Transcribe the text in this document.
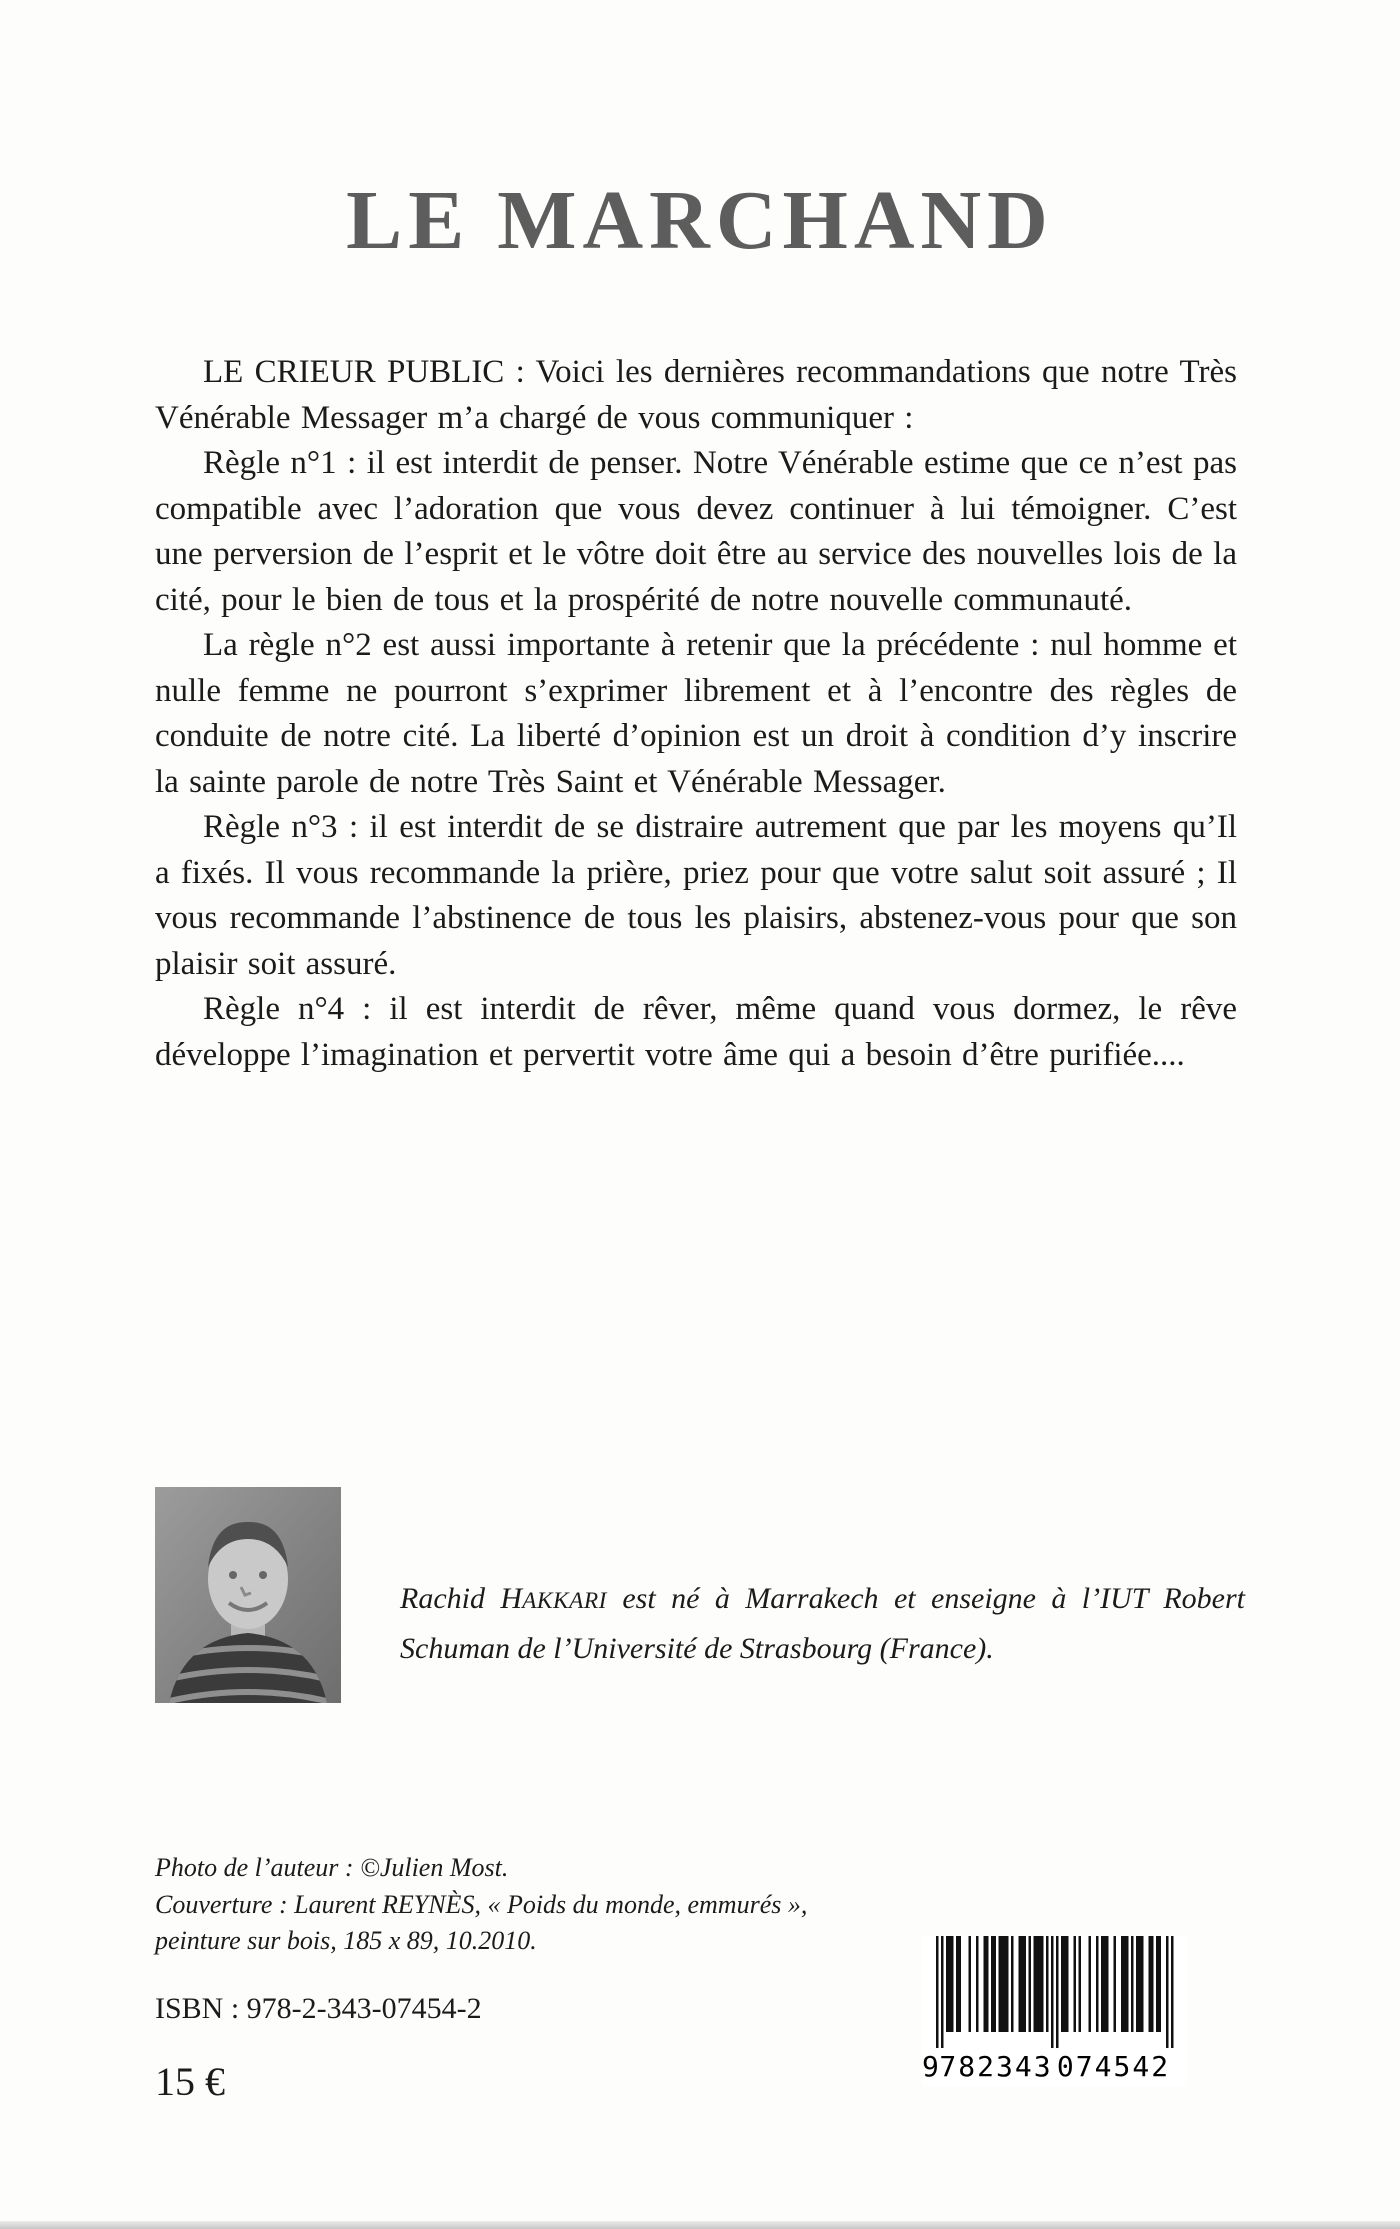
LE MARCHAND

LE CRIEUR PUBLIC : Voici les dernières recommandations que notre Très Vénérable Messager m’a chargé de vous communiquer :

Règle n°1 : il est interdit de penser. Notre Vénérable estime que ce n’est pas compatible avec l’adoration que vous devez continuer à lui témoigner. C’est une perversion de l’esprit et le vôtre doit être au service des nouvelles lois de la cité, pour le bien de tous et la prospérité de notre nouvelle communauté.

La règle n°2 est aussi importante à retenir que la précédente : nul homme et nulle femme ne pourront s’exprimer librement et à l’encontre des règles de conduite de notre cité. La liberté d’opinion est un droit à condition d’y inscrire la sainte parole de notre Très Saint et Vénérable Messager.

Règle n°3 : il est interdit de se distraire autrement que par les moyens qu’Il a fixés. Il vous recommande la prière, priez pour que votre salut soit assuré ; Il vous recommande l’abstinence de tous les plaisirs, abstenez-vous pour que son plaisir soit assuré.

Règle n°4 : il est interdit de rêver, même quand vous dormez, le rêve développe l’imagination et pervertit votre âme qui a besoin d’être purifiée....

Rachid HAKKARI est né à Marrakech et enseigne à l’IUT Robert Schuman de l’Université de Strasbourg (France).

Photo de l’auteur : ©Julien Most.
Couverture : Laurent REYNÈS, « Poids du monde, emmurés »,
peinture sur bois, 185 x 89, 10.2010.
ISBN : 978-2-343-07454-2
15 €	9
782343 074542
